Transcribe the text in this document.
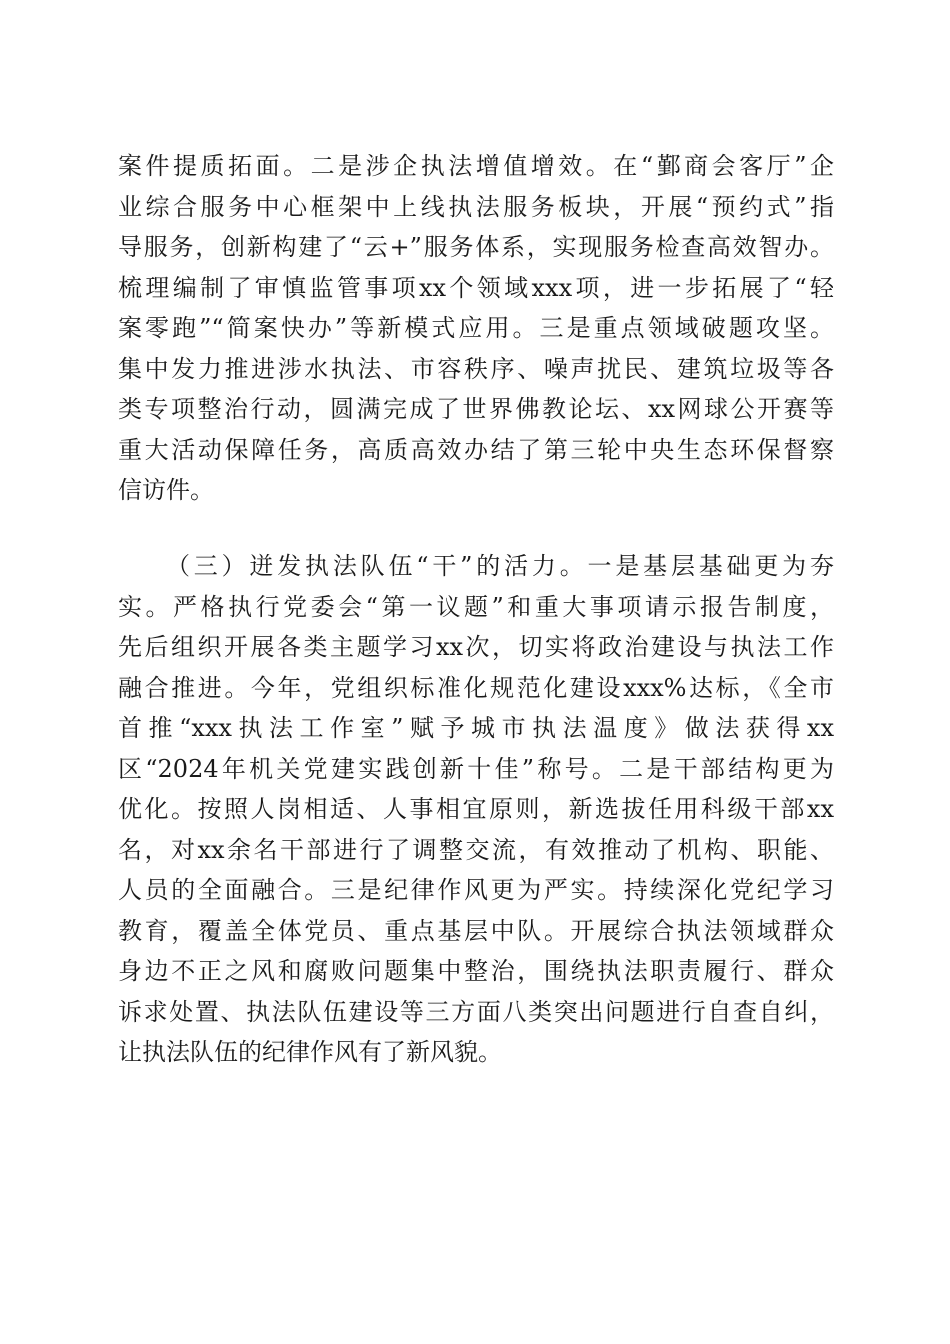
案件提质拓面。二是涉企执法增值增效。在“鄞商会客厅”企
业综合服务中心框架中上线执法服务板块，开展“预约式”指
导服务，创新构建了“云+”服务体系，实现服务检查高效智办。
梳理编制了审慎监管事项xx个领域xxx项，进一步拓展了“轻
案零跑”“简案快办”等新模式应用。三是重点领域破题攻坚。
集中发力推进涉水执法、市容秩序、噪声扰民、建筑垃圾等各
类专项整治行动，圆满完成了世界佛教论坛、xx网球公开赛等
重大活动保障任务，高质高效办结了第三轮中央生态环保督察
信访件。
（三）迸发执法队伍“干”的活力。一是基层基础更为夯
实。严格执行党委会“第一议题”和重大事项请示报告制度，
先后组织开展各类主题学习xx次，切实将政治建设与执法工作
融合推进。今年，党组织标准化规范化建设xxx%达标，《全市
首推“xxx执法工作室”赋予城市执法温度》做法获得xx
区“2024年机关党建实践创新十佳”称号。二是干部结构更为
优化。按照人岗相适、人事相宜原则，新选拔任用科级干部xx
名，对xx余名干部进行了调整交流，有效推动了机构、职能、
人员的全面融合。三是纪律作风更为严实。持续深化党纪学习
教育，覆盖全体党员、重点基层中队。开展综合执法领域群众
身边不正之风和腐败问题集中整治，围绕执法职责履行、群众
诉求处置、执法队伍建设等三方面八类突出问题进行自查自纠，
让执法队伍的纪律作风有了新风貌。
